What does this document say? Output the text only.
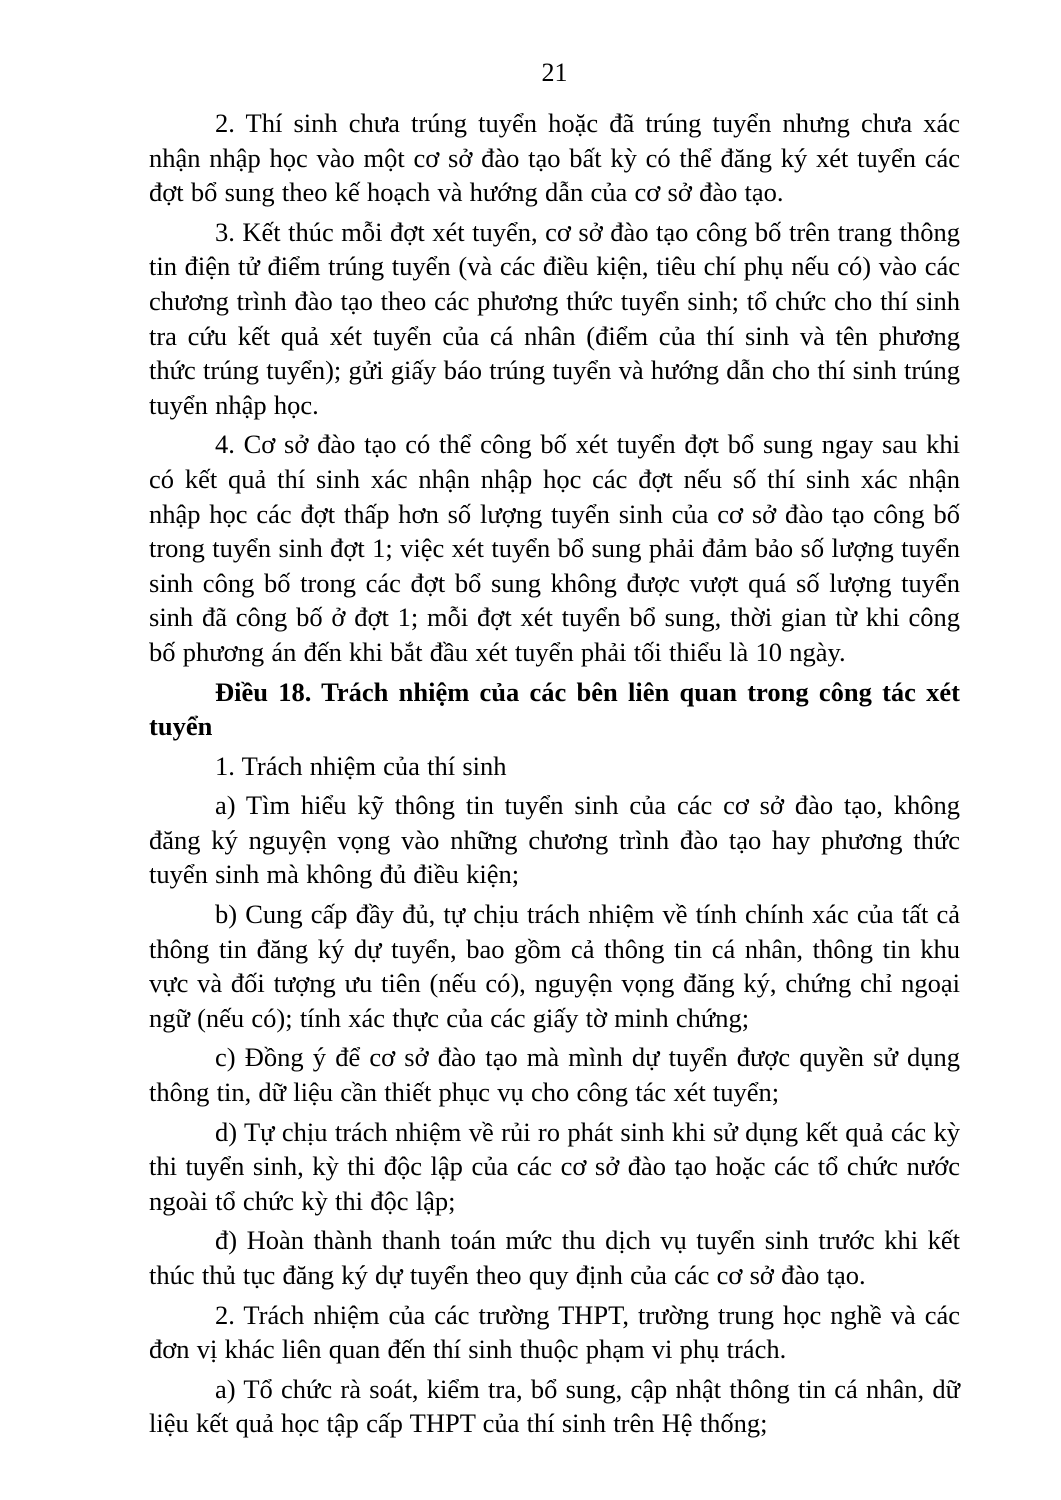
21

2. Thí sinh chưa trúng tuyển hoặc đã trúng tuyển nhưng chưa xác nhận nhập học vào một cơ sở đào tạo bất kỳ có thể đăng ký xét tuyển các đợt bổ sung theo kế hoạch và hướng dẫn của cơ sở đào tạo.

3. Kết thúc mỗi đợt xét tuyển, cơ sở đào tạo công bố trên trang thông tin điện tử điểm trúng tuyển (và các điều kiện, tiêu chí phụ nếu có) vào các chương trình đào tạo theo các phương thức tuyển sinh; tổ chức cho thí sinh tra cứu kết quả xét tuyển của cá nhân (điểm của thí sinh và tên phương thức trúng tuyển); gửi giấy báo trúng tuyển và hướng dẫn cho thí sinh trúng tuyển nhập học.

4. Cơ sở đào tạo có thể công bố xét tuyển đợt bổ sung ngay sau khi có kết quả thí sinh xác nhận nhập học các đợt nếu số thí sinh xác nhận nhập học các đợt thấp hơn số lượng tuyển sinh của cơ sở đào tạo công bố trong tuyển sinh đợt 1; việc xét tuyển bổ sung phải đảm bảo số lượng tuyển sinh công bố trong các đợt bổ sung không được vượt quá số lượng tuyển sinh đã công bố ở đợt 1; mỗi đợt xét tuyển bổ sung, thời gian từ khi công bố phương án đến khi bắt đầu xét tuyển phải tối thiểu là 10 ngày.

Điều 18. Trách nhiệm của các bên liên quan trong công tác xét tuyển

1. Trách nhiệm của thí sinh

a) Tìm hiểu kỹ thông tin tuyển sinh của các cơ sở đào tạo, không đăng ký nguyện vọng vào những chương trình đào tạo hay phương thức tuyển sinh mà không đủ điều kiện;

b) Cung cấp đầy đủ, tự chịu trách nhiệm về tính chính xác của tất cả thông tin đăng ký dự tuyển, bao gồm cả thông tin cá nhân, thông tin khu vực và đối tượng ưu tiên (nếu có), nguyện vọng đăng ký, chứng chỉ ngoại ngữ (nếu có); tính xác thực của các giấy tờ minh chứng;

c) Đồng ý để cơ sở đào tạo mà mình dự tuyển được quyền sử dụng thông tin, dữ liệu cần thiết phục vụ cho công tác xét tuyển;

d) Tự chịu trách nhiệm về rủi ro phát sinh khi sử dụng kết quả các kỳ thi tuyển sinh, kỳ thi độc lập của các cơ sở đào tạo hoặc các tổ chức nước ngoài tổ chức kỳ thi độc lập;

đ) Hoàn thành thanh toán mức thu dịch vụ tuyển sinh trước khi kết thúc thủ tục đăng ký dự tuyển theo quy định của các cơ sở đào tạo.

2. Trách nhiệm của các trường THPT, trường trung học nghề và các đơn vị khác liên quan đến thí sinh thuộc phạm vi phụ trách.

a) Tổ chức rà soát, kiểm tra, bổ sung, cập nhật thông tin cá nhân, dữ liệu kết quả học tập cấp THPT của thí sinh trên Hệ thống;
